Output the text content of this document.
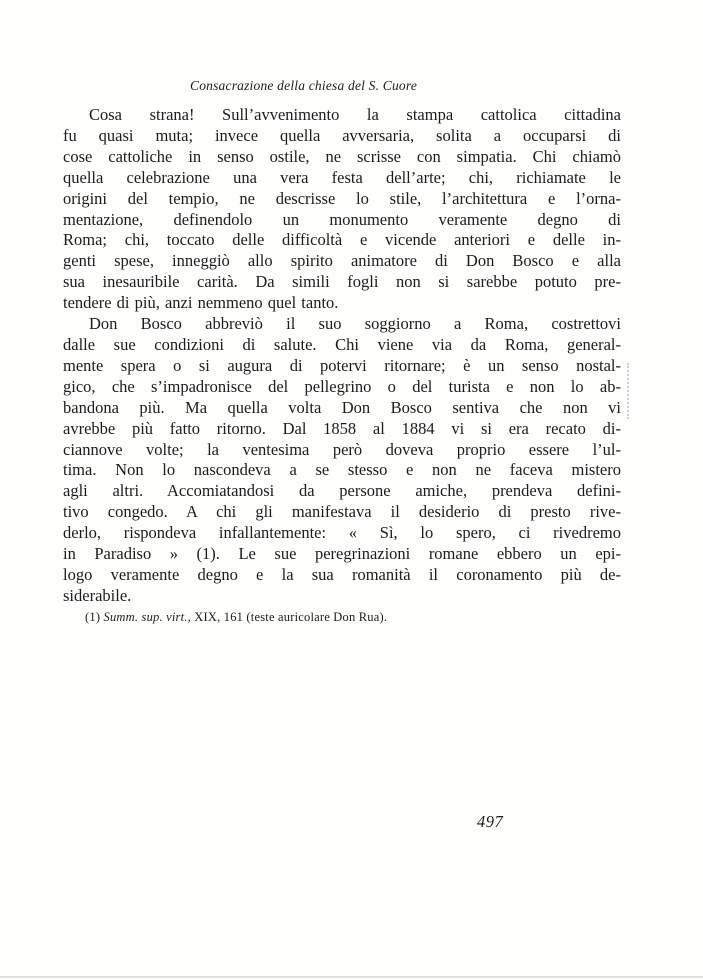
Consacrazione della chiesa del S. Cuore
Cosa strana! Sull’avvenimento la stampa cattolica cittadina
fu quasi muta; invece quella avversaria, solita a occuparsi di
cose cattoliche in senso ostile, ne scrisse con simpatia. Chi chiamò
quella celebrazione una vera festa dell’arte; chi, richiamate le
origini del tempio, ne descrisse lo stile, l’architettura e l’orna-
mentazione, definendolo un monumento veramente degno di
Roma; chi, toccato delle difficoltà e vicende anteriori e delle in-
genti spese, inneggiò allo spirito animatore di Don Bosco e alla
sua inesauribile carità. Da simili fogli non si sarebbe potuto pre-
tendere di più, anzi nemmeno quel tanto.
Don Bosco abbreviò il suo soggiorno a Roma, costrettovi
dalle sue condizioni di salute. Chi viene via da Roma, general-
mente spera o si augura di potervi ritornare; è un senso nostal-
gico, che s’impadronisce del pellegrino o del turista e non lo ab-
bandona più. Ma quella volta Don Bosco sentiva che non vi
avrebbe più fatto ritorno. Dal 1858 al 1884 vi si era recato di-
ciannove volte; la ventesima però doveva proprio essere l’ul-
tima. Non lo nascondeva a se stesso e non ne faceva mistero
agli altri. Accomiatandosi da persone amiche, prendeva defini-
tivo congedo. A chi gli manifestava il desiderio di presto rive-
derlo, rispondeva infallantemente: « Sì, lo spero, ci rivedremo
in Paradiso » (1). Le sue peregrinazioni romane ebbero un epi-
logo veramente degno e la sua romanità il coronamento più de-
siderabile.
(1) Summ. sup. virt., XIX, 161 (teste auricolare Don Rua).
497
